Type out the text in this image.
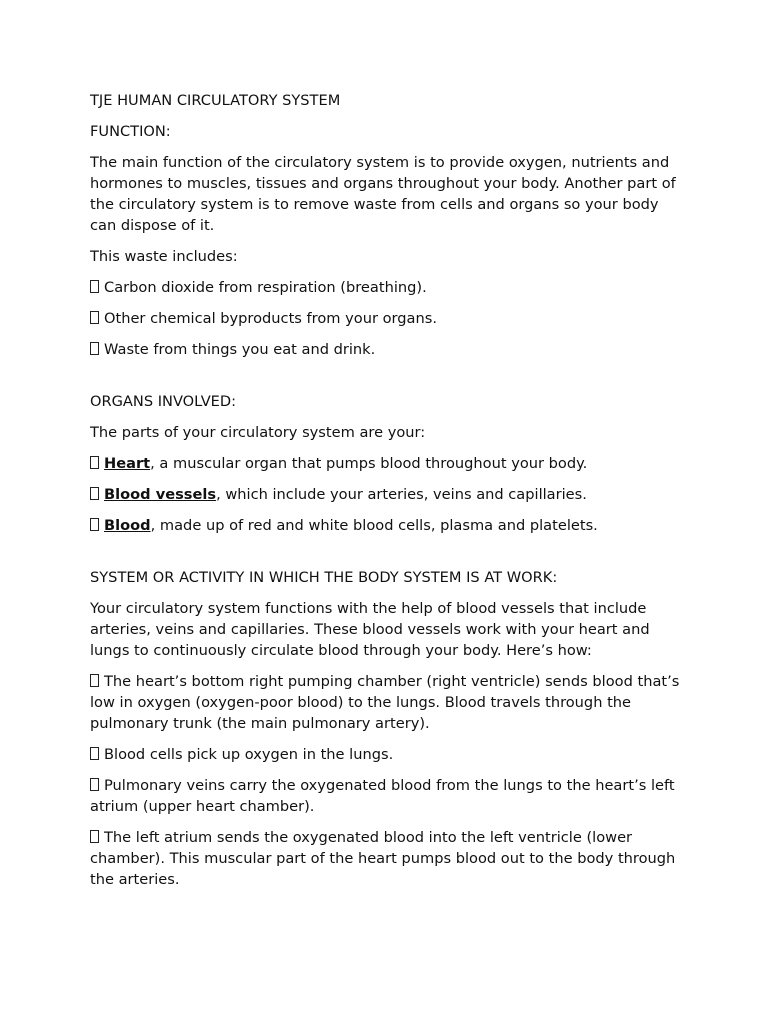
TJE HUMAN CIRCULATORY SYSTEM

FUNCTION:

The main function of the circulatory system is to provide oxygen, nutrients and hormones to muscles, tissues and organs throughout your body. Another part of the circulatory system is to remove waste from cells and organs so your body can dispose of it.

This waste includes:

Carbon dioxide from respiration (breathing).

Other chemical byproducts from your organs.

Waste from things you eat and drink.

ORGANS INVOLVED:

The parts of your circulatory system are your:

Heart, a muscular organ that pumps blood throughout your body.

Blood vessels, which include your arteries, veins and capillaries.

Blood, made up of red and white blood cells, plasma and platelets.

SYSTEM OR ACTIVITY IN WHICH THE BODY SYSTEM IS AT WORK:

Your circulatory system functions with the help of blood vessels that include arteries, veins and capillaries. These blood vessels work with your heart and lungs to continuously circulate blood through your body. Here’s how:

The heart’s bottom right pumping chamber (right ventricle) sends blood that’s low in oxygen (oxygen-poor blood) to the lungs. Blood travels through the pulmonary trunk (the main pulmonary artery).

Blood cells pick up oxygen in the lungs.

Pulmonary veins carry the oxygenated blood from the lungs to the heart’s left atrium (upper heart chamber).

The left atrium sends the oxygenated blood into the left ventricle (lower chamber). This muscular part of the heart pumps blood out to the body through the arteries.
